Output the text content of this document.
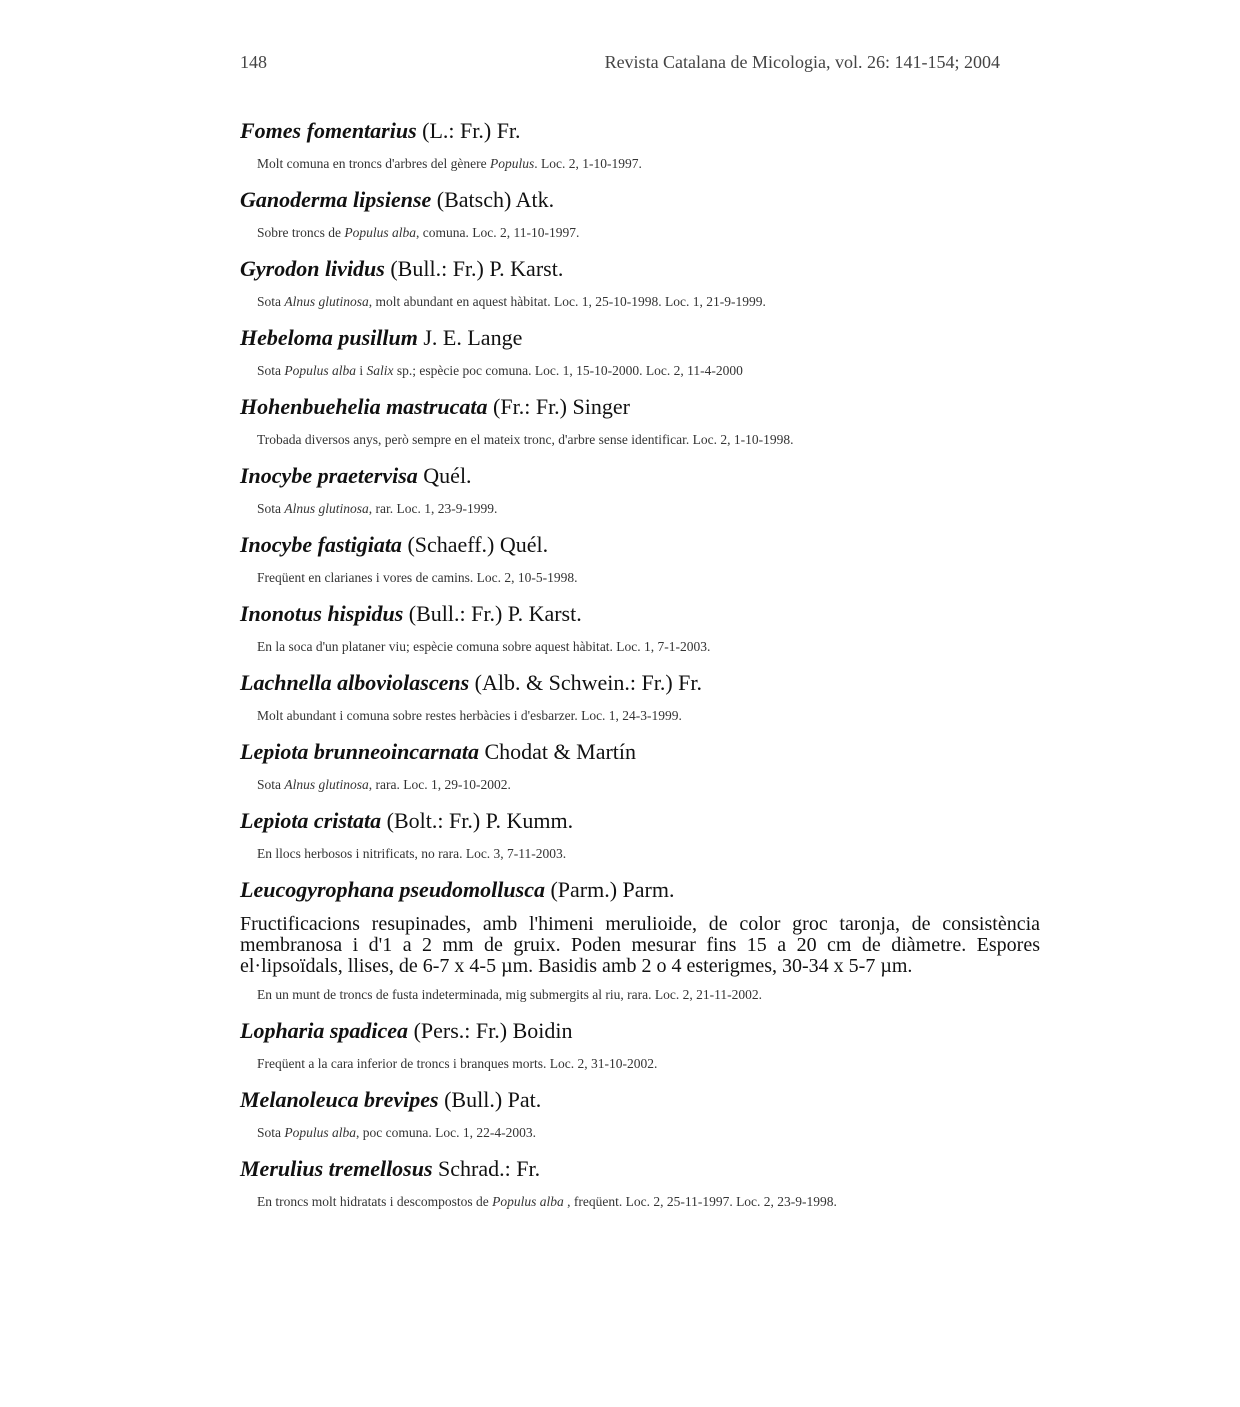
148	Revista Catalana de Micologia, vol. 26: 141-154; 2004
Fomes fomentarius (L.: Fr.) Fr.
Molt comuna en troncs d'arbres del gènere Populus. Loc. 2, 1-10-1997.
Ganoderma lipsiense (Batsch) Atk.
Sobre troncs de Populus alba, comuna. Loc. 2, 11-10-1997.
Gyrodon lividus (Bull.: Fr.) P. Karst.
Sota Alnus glutinosa, molt abundant en aquest hàbitat. Loc. 1, 25-10-1998. Loc. 1, 21-9-1999.
Hebeloma pusillum J. E. Lange
Sota Populus alba i Salix sp.; espècie poc comuna. Loc. 1, 15-10-2000. Loc. 2, 11-4-2000
Hohenbuehelia mastrucata (Fr.: Fr.) Singer
Trobada diversos anys, però sempre en el mateix tronc, d'arbre sense identificar. Loc. 2, 1-10-1998.
Inocybe praetervisa Quél.
Sota Alnus glutinosa, rar. Loc. 1, 23-9-1999.
Inocybe fastigiata (Schaeff.) Quél.
Freqüent en clarianes i vores de camins. Loc. 2, 10-5-1998.
Inonotus hispidus (Bull.: Fr.) P. Karst.
En la soca d'un plataner viu; espècie comuna sobre aquest hàbitat. Loc. 1, 7-1-2003.
Lachnella alboviolascens (Alb. & Schwein.: Fr.) Fr.
Molt abundant i comuna sobre restes herbàcies i d'esbarzer. Loc. 1, 24-3-1999.
Lepiota brunneoincarnata Chodat & Martín
Sota Alnus glutinosa, rara. Loc. 1, 29-10-2002.
Lepiota cristata (Bolt.: Fr.) P. Kumm.
En llocs herbosos i nitrificats, no rara. Loc. 3, 7-11-2003.
Leucogyrophana pseudomollusca (Parm.) Parm.
Fructificacions resupinades, amb l'himeni merulioide, de color groc taronja, de consistència membranosa i d'1 a 2 mm de gruix. Poden mesurar fins 15 a 20 cm de diàmetre. Espores el·lipsoïdals, llises, de 6-7 x 4-5 µm. Basidis amb 2 o 4 esterigmes, 30-34 x 5-7 µm.
En un munt de troncs de fusta indeterminada, mig submergits al riu, rara. Loc. 2, 21-11-2002.
Lopharia spadicea (Pers.: Fr.) Boidin
Freqüent a la cara inferior de troncs i branques morts. Loc. 2, 31-10-2002.
Melanoleuca brevipes (Bull.) Pat.
Sota Populus alba, poc comuna. Loc. 1, 22-4-2003.
Merulius tremellosus Schrad.: Fr.
En troncs molt hidratats i descompostos de Populus alba , freqüent. Loc. 2, 25-11-1997. Loc. 2, 23-9-1998.
